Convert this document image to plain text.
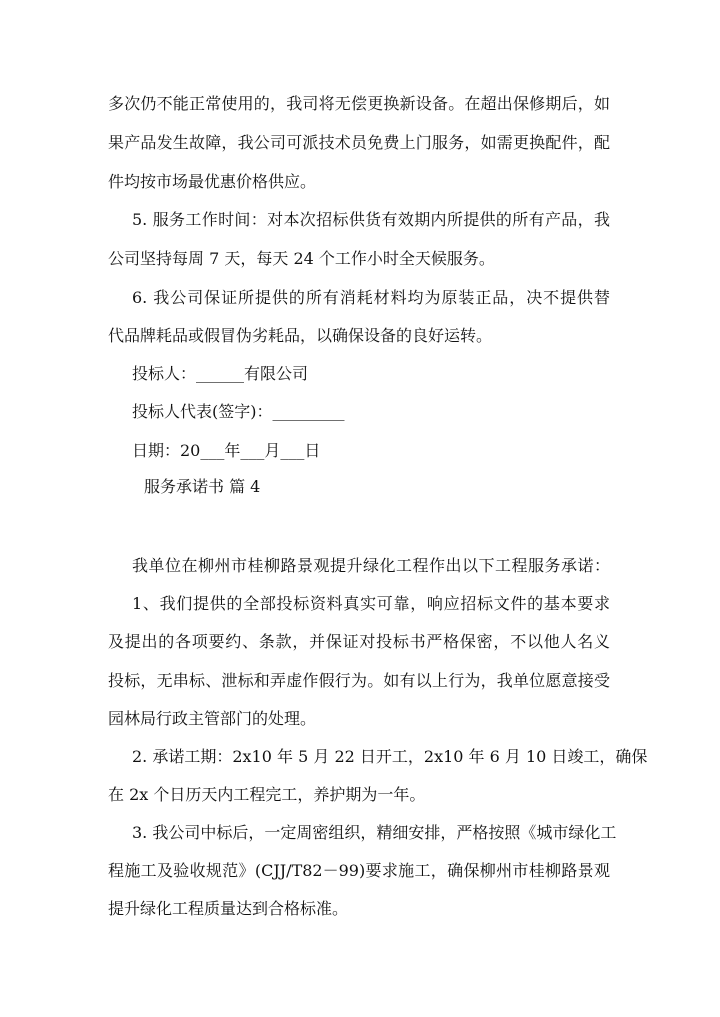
多次仍不能正常使用的，我司将无偿更换新设备。在超出保修期后，如
果产品发生故障，我公司可派技术员免费上门服务，如需更换配件，配
件均按市场最优惠价格供应。
5. 服务工作时间：对本次招标供货有效期内所提供的所有产品，我
公司坚持每周 7 天，每天 24 个工作小时全天候服务。
6. 我公司保证所提供的所有消耗材料均为原装正品，决不提供替
代品牌耗品或假冒伪劣耗品，以确保设备的良好运转。
投标人：______有限公司
投标人代表(签字)：_________
日期：20___年___月___日
服务承诺书 篇 4
我单位在柳州市桂柳路景观提升绿化工程作出以下工程服务承诺：
1、我们提供的全部投标资料真实可靠，响应招标文件的基本要求
及提出的各项要约、条款，并保证对投标书严格保密，不以他人名义
投标，无串标、泄标和弄虚作假行为。如有以上行为，我单位愿意接受
园林局行政主管部门的处理。
2. 承诺工期：2x10 年 5 月 22 日开工，2x10 年 6 月 10 日竣工，确保
在 2x 个日历天内工程完工，养护期为一年。
3. 我公司中标后，一定周密组织，精细安排，严格按照《城市绿化工
程施工及验收规范》(CJJ/T82－99)要求施工，确保柳州市桂柳路景观
提升绿化工程质量达到合格标准。
